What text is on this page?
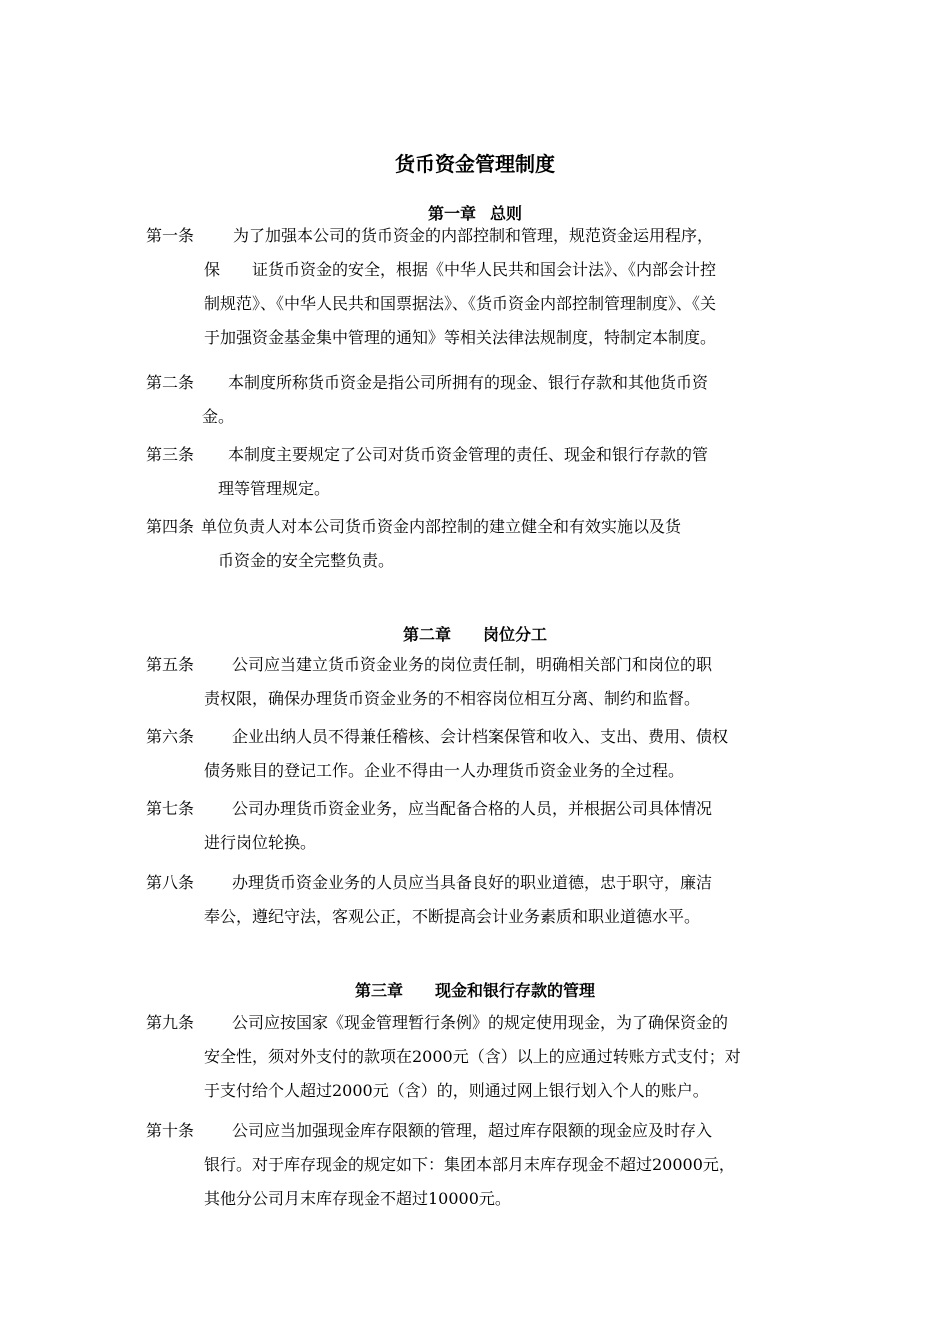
货币资金管理制度
第一章 总则
第一条 为了加强本公司的货币资金的内部控制和管理，规范资金运用程序，
保　　证货币资金的安全，根据《中华人民共和国会计法》、《内部会计控
制规范》、《中华人民共和国票据法》、《货币资金内部控制管理制度》、《关
于加强资金基金集中管理的通知》等相关法律法规制度，特制定本制度。
第二条 本制度所称货币资金是指公司所拥有的现金、银行存款和其他货币资
金。
第三条 本制度主要规定了公司对货币资金管理的责任、现金和银行存款的管
理等管理规定。
第四条 单位负责人对本公司货币资金内部控制的建立健全和有效实施以及货
币资金的安全完整负责。
第二章 岗位分工
第五条 公司应当建立货币资金业务的岗位责任制，明确相关部门和岗位的职
责权限，确保办理货币资金业务的不相容岗位相互分离、制约和监督。
第六条 企业出纳人员不得兼任稽核、会计档案保管和收入、支出、费用、债权
债务账目的登记工作。企业不得由一人办理货币资金业务的全过程。
第七条 公司办理货币资金业务，应当配备合格的人员，并根据公司具体情况
进行岗位轮换。
第八条 办理货币资金业务的人员应当具备良好的职业道德，忠于职守，廉洁
奉公，遵纪守法，客观公正，不断提高会计业务素质和职业道德水平。
第三章 现金和银行存款的管理
第九条 公司应按国家《现金管理暂行条例》的规定使用现金，为了确保资金的
安全性，须对外支付的款项在2000元（含）以上的应通过转账方式支付；对
于支付给个人超过2000元（含）的，则通过网上银行划入个人的账户。
第十条 公司应当加强现金库存限额的管理，超过库存限额的现金应及时存入
银行。对于库存现金的规定如下：集团本部月末库存现金不超过20000元，
其他分公司月末库存现金不超过10000元。
